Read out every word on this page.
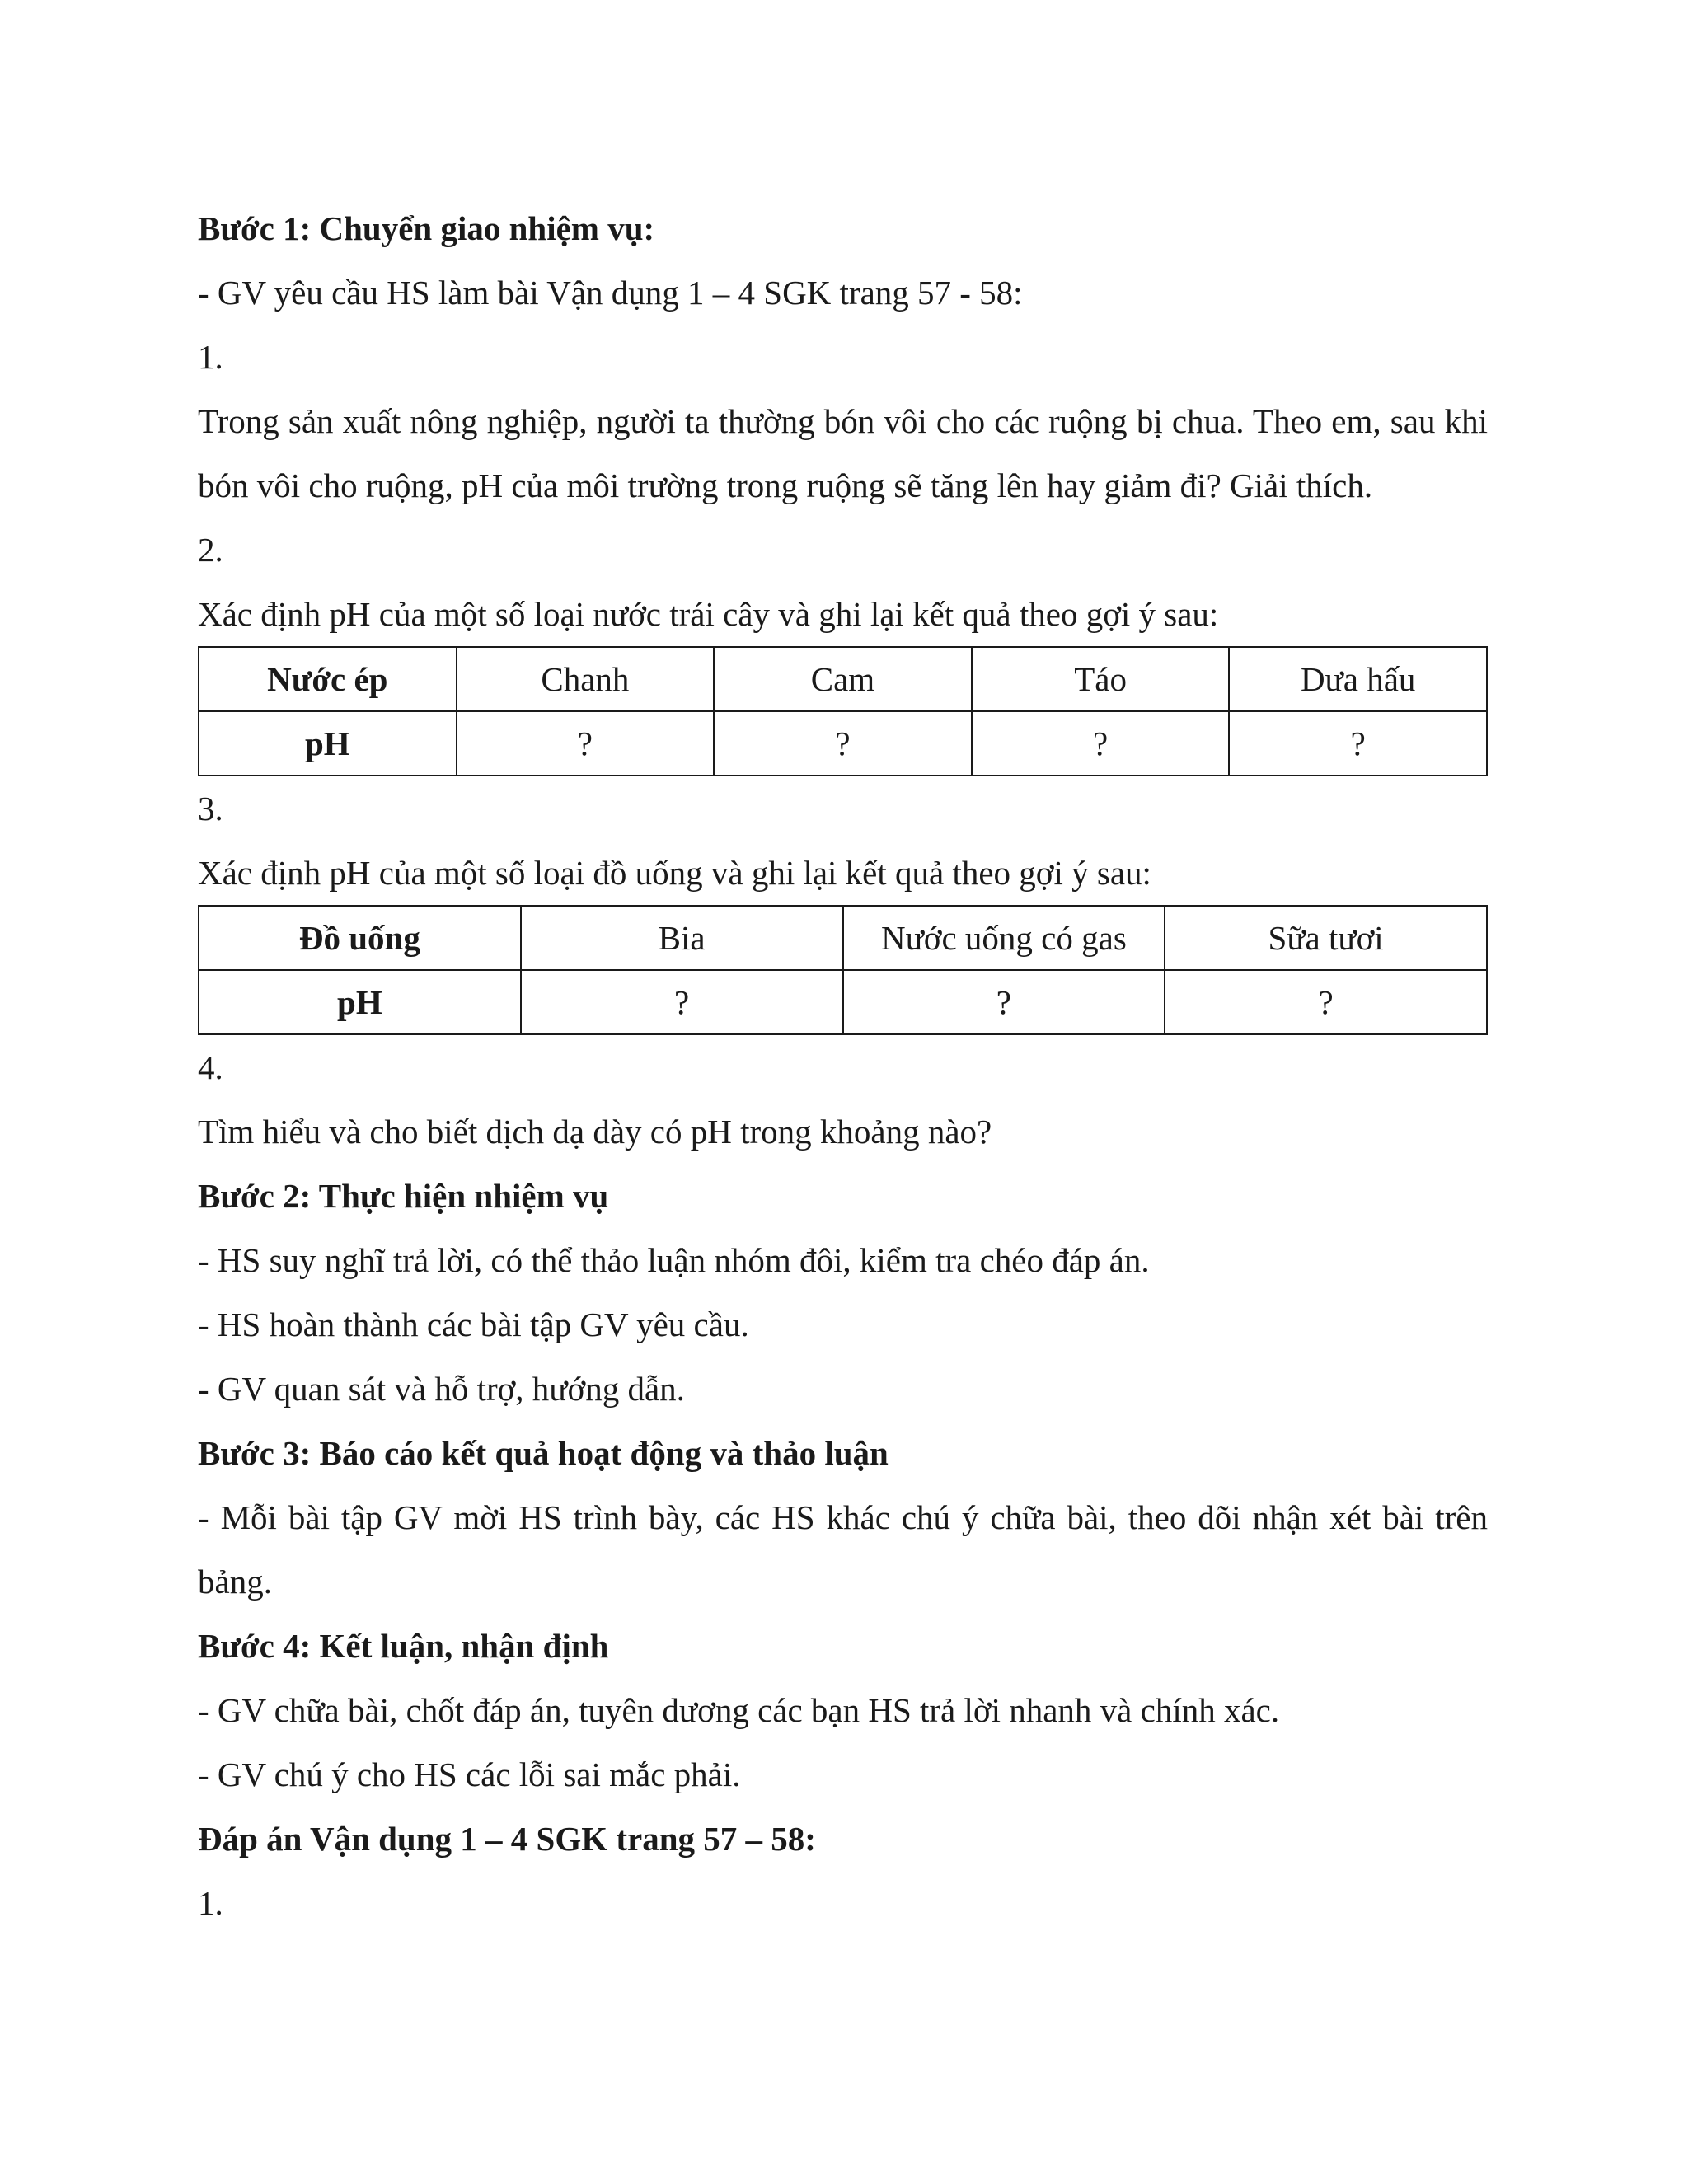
Bước 1: Chuyển giao nhiệm vụ:
- GV yêu cầu HS làm bài Vận dụng 1 – 4 SGK trang 57 - 58:
1.
Trong sản xuất nông nghiệp, người ta thường bón vôi cho các ruộng bị chua. Theo em, sau khi bón vôi cho ruộng, pH của môi trường trong ruộng sẽ tăng lên hay giảm đi? Giải thích.
2.
Xác định pH của một số loại nước trái cây và ghi lại kết quả theo gợi ý sau:
Nước ép	Chanh	Cam	Táo	Dưa hấu
pH	?	?	?	?
3.
Xác định pH của một số loại đồ uống và ghi lại kết quả theo gợi ý sau:
Đồ uống	Bia	Nước uống có gas	Sữa tươi
pH	?	?	?
4.
Tìm hiểu và cho biết dịch dạ dày có pH trong khoảng nào?
Bước 2: Thực hiện nhiệm vụ
- HS suy nghĩ trả lời, có thể thảo luận nhóm đôi, kiểm tra chéo đáp án.
- HS hoàn thành các bài tập GV yêu cầu.
- GV quan sát và hỗ trợ, hướng dẫn.
Bước 3: Báo cáo kết quả hoạt động và thảo luận
- Mỗi bài tập GV mời HS trình bày, các HS khác chú ý chữa bài, theo dõi nhận xét bài trên bảng.
Bước 4: Kết luận, nhận định
- GV chữa bài, chốt đáp án, tuyên dương các bạn HS trả lời nhanh và chính xác.
- GV chú ý cho HS các lỗi sai mắc phải.
Đáp án Vận dụng 1 – 4 SGK trang 57 – 58:
1.
